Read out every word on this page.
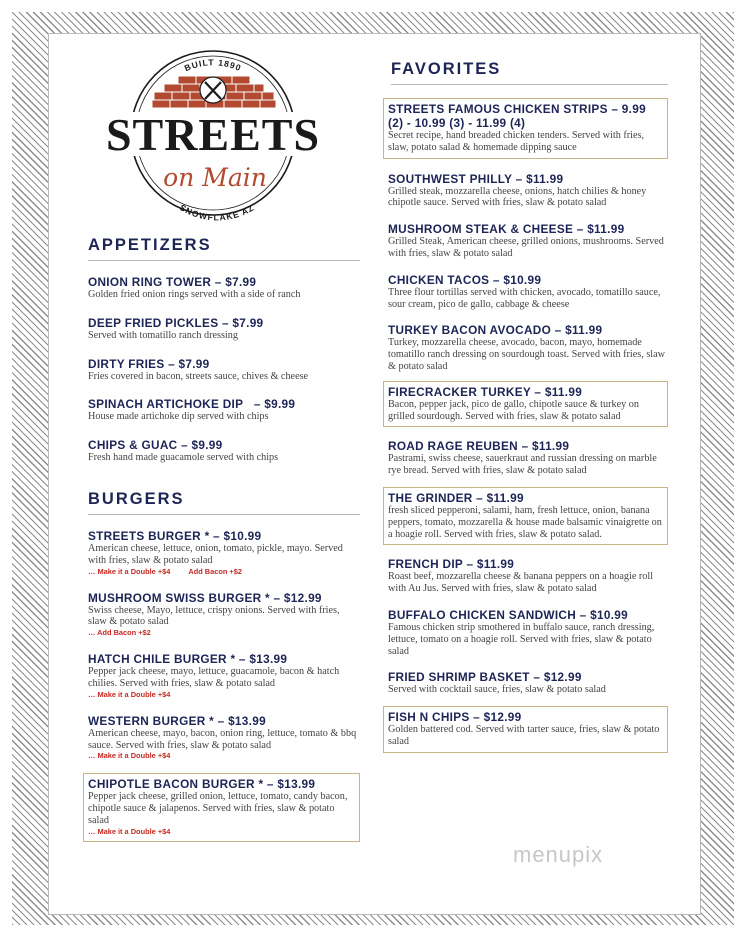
BUILT 1890
STREETS
on Main
SNOWFLAKE AZ
APPETIZERS
ONION RING TOWER – $7.99
Golden fried onion rings served with a side of ranch
DEEP FRIED PICKLES – $7.99
Served with tomatillo ranch dressing
DIRTY FRIES – $7.99
Fries covered in bacon, streets sauce, chives & cheese
SPINACH ARTICHOKE DIP   – $9.99
House made artichoke dip served with chips
CHIPS & GUAC – $9.99
Fresh hand made guacamole served with chips
BURGERS
STREETS BURGER * – $10.99
American cheese, lettuce, onion, tomato, pickle, mayo. Served with fries, slaw & potato salad
… Make it a Double +$4 Add Bacon +$2
MUSHROOM SWISS BURGER * – $12.99
Swiss cheese, Mayo, lettuce, crispy onions. Served with fries, slaw & potato salad
… Add Bacon +$2
HATCH CHILE BURGER * – $13.99
Pepper jack cheese, mayo, lettuce, guacamole, bacon & hatch chilies. Served with fries, slaw & potato salad
… Make it a Double +$4
WESTERN BURGER * – $13.99
American cheese, mayo, bacon, onion ring, lettuce, tomato & bbq sauce. Served with fries, slaw & potato salad
… Make it a Double +$4
CHIPOTLE BACON BURGER * – $13.99
Pepper jack cheese, grilled onion, lettuce, tomato, candy bacon, chipotle sauce & jalapenos. Served with fries, slaw & potato salad
… Make it a Double +$4
FAVORITES
STREETS FAMOUS CHICKEN STRIPS – 9.99 (2) - 10.99 (3) - 11.99 (4)
Secret recipe, hand breaded chicken tenders. Served with fries, slaw, potato salad & homemade dipping sauce
SOUTHWEST PHILLY – $11.99
Grilled steak, mozzarella cheese, onions, hatch chilies & honey chipotle sauce. Served with fries, slaw & potato salad
MUSHROOM STEAK & CHEESE – $11.99
Grilled Steak, American cheese, grilled onions, mushrooms. Served with fries, slaw & potato salad
CHICKEN TACOS – $10.99
Three flour tortillas served with chicken, avocado, tomatillo sauce, sour cream, pico de gallo, cabbage & cheese
TURKEY BACON AVOCADO – $11.99
Turkey, mozzarella cheese, avocado, bacon, mayo, homemade tomatillo ranch dressing on sourdough toast. Served with fries, slaw & potato salad
FIRECRACKER TURKEY – $11.99
Bacon, pepper jack, pico de gallo, chipotle sauce & turkey on grilled sourdough. Served with fries, slaw & potato salad
ROAD RAGE REUBEN – $11.99
Pastrami, swiss cheese, sauerkraut and russian dressing on marble rye bread. Served with fries, slaw & potato salad
THE GRINDER – $11.99
fresh sliced pepperoni, salami, ham, fresh lettuce, onion, banana peppers, tomato, mozzarella & house made balsamic vinaigrette on a hoagie roll. Served with fries, slaw & potato salad.
FRENCH DIP – $11.99
Roast beef, mozzarella cheese & banana peppers on a hoagie roll with Au Jus. Served with fries, slaw & potato salad
BUFFALO CHICKEN SANDWICH – $10.99
Famous chicken strip smothered in buffalo sauce, ranch dressing, lettuce, tomato on a hoagie roll. Served with fries, slaw & potato salad
FRIED SHRIMP BASKET – $12.99
Served with cocktail sauce, fries, slaw & potato salad
FISH N CHIPS – $12.99
Golden battered cod. Served with tarter sauce, fries, slaw & potato salad
menupix
